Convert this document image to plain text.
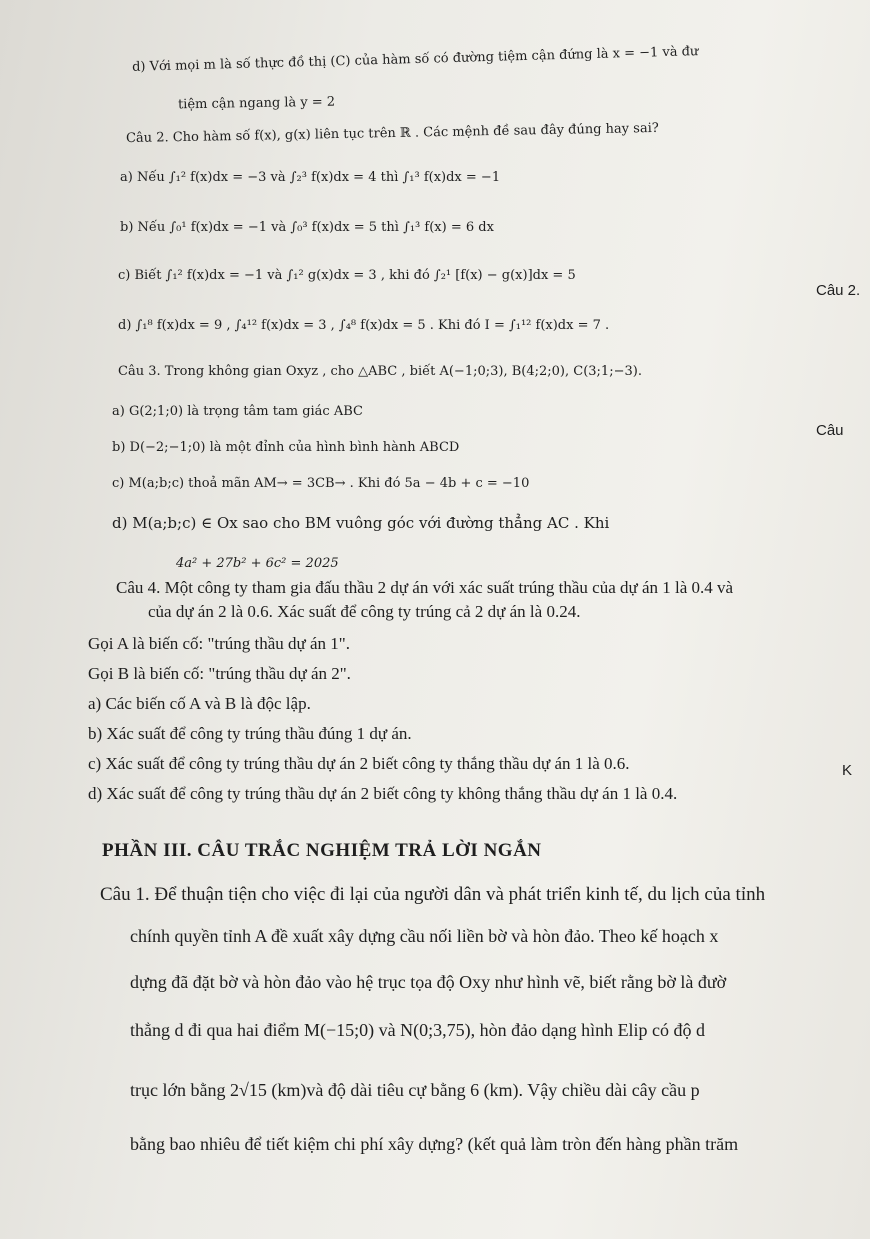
d) Với mọi m là số thực đồ thị (C) của hàm số có đường tiệm cận đứng là x = −1 và đư
tiệm cận ngang là y = 2
Câu 2. Cho hàm số f(x), g(x) liên tục trên ℝ . Các mệnh đề sau đây đúng hay sai?
a) Nếu ∫₁² f(x)dx = −3 và ∫₂³ f(x)dx = 4 thì ∫₁³ f(x)dx = −1
b) Nếu ∫₀¹ f(x)dx = −1 và ∫₀³ f(x)dx = 5 thì ∫₁³ f(x) = 6 dx
c) Biết ∫₁² f(x)dx = −1 và ∫₁² g(x)dx = 3 , khi đó ∫₂¹ [f(x) − g(x)]dx = 5
d) ∫₁⁸ f(x)dx = 9 , ∫₄¹² f(x)dx = 3 , ∫₄⁸ f(x)dx = 5 . Khi đó I = ∫₁¹² f(x)dx = 7 .
Câu 3. Trong không gian Oxyz , cho △ABC , biết A(−1;0;3), B(4;2;0), C(3;1;−3).
a) G(2;1;0) là trọng tâm tam giác ABC
b) D(−2;−1;0) là một đỉnh của hình bình hành ABCD
c) M(a;b;c) thoả mãn AM→ = 3CB→ . Khi đó 5a − 4b + c = −10
d) M(a;b;c) ∈ Ox sao cho BM vuông góc với đường thẳng AC . Khi
4a² + 27b² + 6c² = 2025
Câu 4. Một công ty tham gia đấu thầu 2 dự án với xác suất trúng thầu của dự án 1 là 0.4 và
của dự án 2 là 0.6. Xác suất để công ty trúng cả 2 dự án là 0.24.
Gọi A là biến cố: "trúng thầu dự án 1".
Gọi B là biến cố: "trúng thầu dự án 2".
a) Các biến cố A và B là độc lập.
b) Xác suất để công ty trúng thầu đúng 1 dự án.
c) Xác suất để công ty trúng thầu dự án 2 biết công ty thắng thầu dự án 1 là 0.6.
d) Xác suất để công ty trúng thầu dự án 2 biết công ty không thắng thầu dự án 1 là 0.4.
PHẦN III. CÂU TRẮC NGHIỆM TRẢ LỜI NGẮN
Câu 1. Để thuận tiện cho việc đi lại của người dân và phát triển kinh tế, du lịch của tỉnh
chính quyền tỉnh A đề xuất xây dựng cầu nối liền bờ và hòn đảo. Theo kế hoạch x
dựng đã đặt bờ và hòn đảo vào hệ trục tọa độ Oxy như hình vẽ, biết rằng bờ là đườ
thẳng d đi qua hai điểm M(−15;0) và N(0;3,75), hòn đảo dạng hình Elip có độ d
trục lớn bằng 2√15 (km)và độ dài tiêu cự bằng 6 (km). Vậy chiều dài cây cầu p
bằng bao nhiêu để tiết kiệm chi phí xây dựng? (kết quả làm tròn đến hàng phần trăm
Câu 2.
Câu
K
